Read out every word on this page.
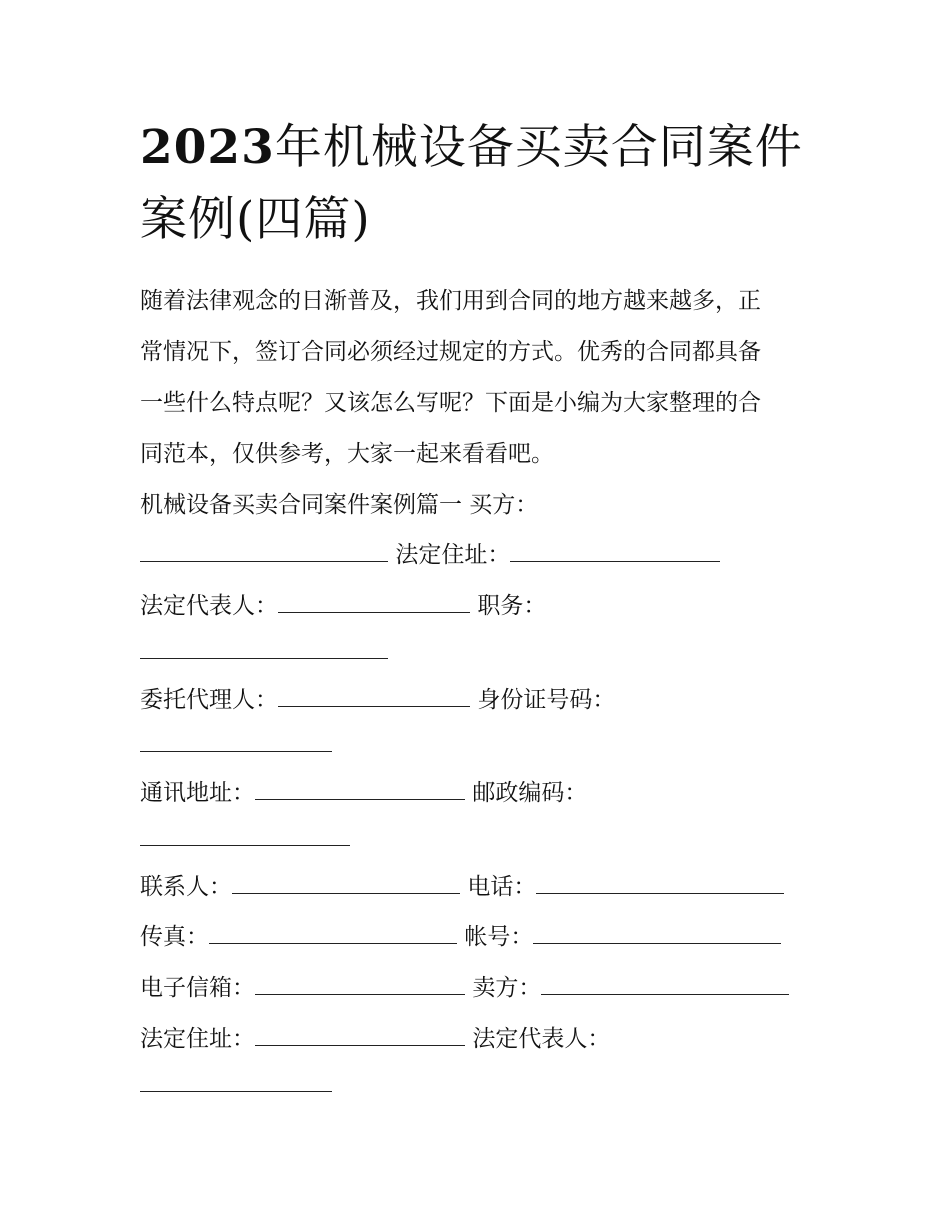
2023年机械设备买卖合同案件案例(四篇)
随着法律观念的日渐普及，我们用到合同的地方越来越多，正
常情况下，签订合同必须经过规定的方式。优秀的合同都具备
一些什么特点呢？又该怎么写呢？下面是小编为大家整理的合
同范本，仅供参考，大家一起来看看吧。
机械设备买卖合同案件案例篇一 买方：
法定住址：
法定代表人：	职务：
委托代理人：	身份证号码：
通讯地址：	邮政编码：
联系人：	电话：
传真：	帐号：
电子信箱：	卖方：
法定住址：	法定代表人：
